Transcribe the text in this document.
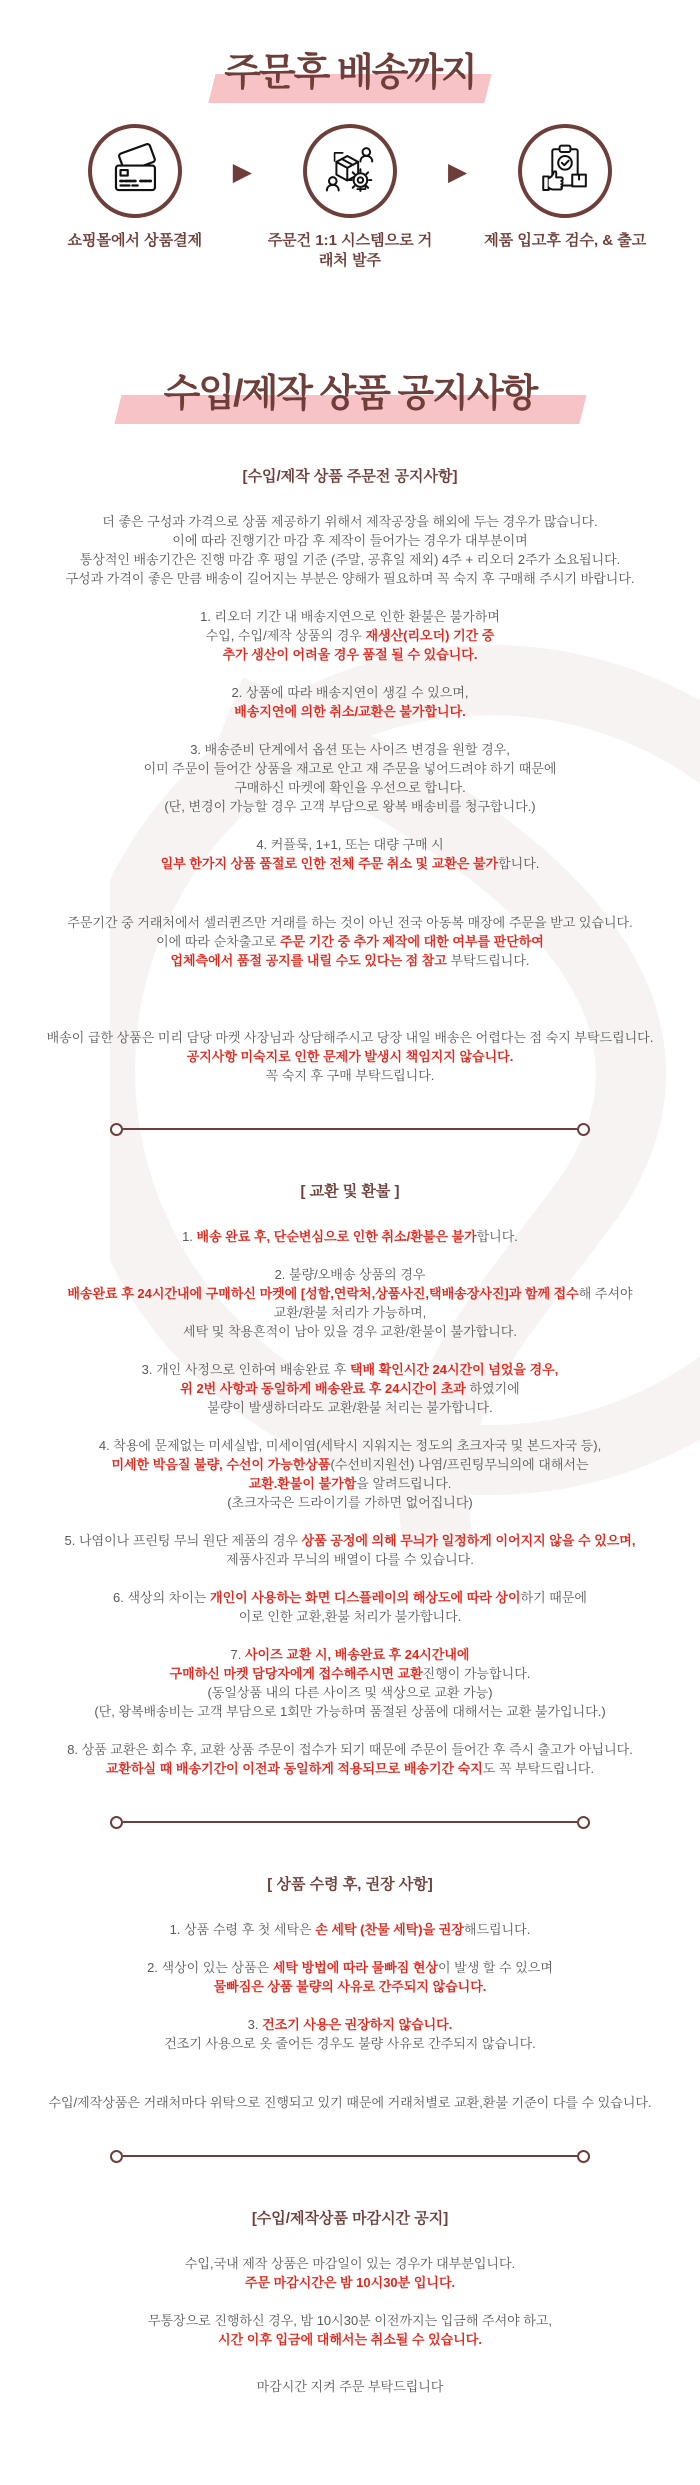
주문후 배송까지
쇼핑몰에서 상품결제
▶
주문건 1:1 시스템으로 거래처 발주
▶
제품 입고후 검수, & 출고
수입/제작 상품 공지사항
[수입/제작 상품 주문전 공지사항]

더 좋은 구성과 가격으로 상품 제공하기 위해서 제작공장을 해외에 두는 경우가 많습니다.
이에 따라 진행기간 마감 후 제작이 들어가는 경우가 대부분이며
통상적인 배송기간은 진행 마감 후 평일 기준 (주말, 공휴일 제외) 4주 + 리오더 2주가 소요됩니다.
구성과 가격이 좋은 만큼 배송이 길어지는 부분은 양해가 필요하며 꼭 숙지 후 구매해 주시기 바랍니다.

1. 리오더 기간 내 배송지연으로 인한 환불은 불가하며
수입, 수입/제작 상품의 경우 재생산(리오더) 기간 중
추가 생산이 어려울 경우 품절 될 수 있습니다.

2. 상품에 따라 배송지연이 생길 수 있으며,
배송지연에 의한 취소/교환은 불가합니다.

3. 배송준비 단계에서 옵션 또는 사이즈 변경을 원할 경우,
이미 주문이 들어간 상품을 재고로 안고 재 주문을 넣어드려야 하기 때문에
구매하신 마켓에 확인을 우선으로 합니다.
(단, 변경이 가능할 경우 고객 부담으로 왕복 배송비를 청구합니다.)

4. 커플룩, 1+1, 또는 대량 구매 시
일부 한가지 상품 품절로 인한 전체 주문 취소 및 교환은 불가합니다.

주문기간 중 거래처에서 셀러퀸즈만 거래를 하는 것이 아닌 전국 아동복 매장에 주문을 받고 있습니다.
이에 따라 순차출고로 주문 기간 중 추가 제작에 대한 여부를 판단하여
업체측에서 품절 공지를 내릴 수도 있다는 점 참고 부탁드립니다.

배송이 급한 상품은 미리 담당 마켓 사장님과 상담해주시고 당장 내일 배송은 어렵다는 점 숙지 부탁드립니다.
공지사항 미숙지로 인한 문제가 발생시 책임지지 않습니다.
꼭 숙지 후 구매 부탁드립니다.

[ 교환 및 환불 ]

1. 배송 완료 후, 단순변심으로 인한 취소/환불은 불가합니다.

2. 불량/오배송 상품의 경우
배송완료 후 24시간내에 구매하신 마켓에 [성함,연락처,상품사진,택배송장사진]과 함께 접수해 주셔야
교환/환불 처리가 가능하며,
세탁 및 착용흔적이 남아 있을 경우 교환/환불이 불가합니다.

3. 개인 사정으로 인하여 배송완료 후 택배 확인시간 24시간이 넘었을 경우,
위 2번 사항과 동일하게 배송완료 후 24시간이 초과 하였기에
불량이 발생하더라도 교환/환불 처리는 불가합니다.

4. 착용에 문제없는 미세실밥, 미세이염(세탁시 지워지는 정도의 초크자국 및 본드자국 등),
미세한 박음질 불량, 수선이 가능한상품(수선비지원선) 나염/프린팅무늬의에 대해서는
교환.환불이 불가함을 알려드립니다.
(초크자국은 드라이기를 가하면 없어집니다)

5. 나염이나 프린팅 무늬 원단 제품의 경우 상품 공정에 의해 무늬가 일정하게 이어지지 않을 수 있으며,
제품사진과 무늬의 배열이 다를 수 있습니다.

6. 색상의 차이는 개인이 사용하는 화면 디스플레이의 해상도에 따라 상이하기 때문에
이로 인한 교환,환불 처리가 불가합니다.

7. 사이즈 교환 시, 배송완료 후 24시간내에
구매하신 마켓 담당자에게 접수해주시면 교환진행이 가능합니다.
(동일상품 내의 다른 사이즈 및 색상으로 교환 가능)
(단, 왕복배송비는 고객 부담으로 1회만 가능하며 품절된 상품에 대해서는 교환 불가입니다.)

8. 상품 교환은 회수 후, 교환 상품 주문이 접수가 되기 때문에 주문이 들어간 후 즉시 출고가 아닙니다.
교환하실 때 배송기간이 이전과 동일하게 적용되므로 배송기간 숙지도 꼭 부탁드립니다.

[ 상품 수령 후, 권장 사항]

1. 상품 수령 후 첫 세탁은 손 세탁 (찬물 세탁)을 권장해드립니다.

2. 색상이 있는 상품은 세탁 방법에 따라 물빠짐 현상이 발생 할 수 있으며
물빠짐은 상품 불량의 사유로 간주되지 않습니다.

3. 건조기 사용은 권장하지 않습니다.
건조기 사용으로 옷 줄어든 경우도 불량 사유로 간주되지 않습니다.

수입/제작상품은 거래처마다 위탁으로 진행되고 있기 때문에 거래처별로 교환,환불 기준이 다를 수 있습니다.

[수입/제작상품 마감시간 공지]

수입,국내 제작 상품은 마감일이 있는 경우가 대부분입니다.
주문 마감시간은 밤 10시30분 입니다.

무통장으로 진행하신 경우, 밤 10시30분 이전까지는 입금해 주셔야 하고,
시간 이후 입금에 대해서는 취소될 수 있습니다.

마감시간 지켜 주문 부탁드립니다
